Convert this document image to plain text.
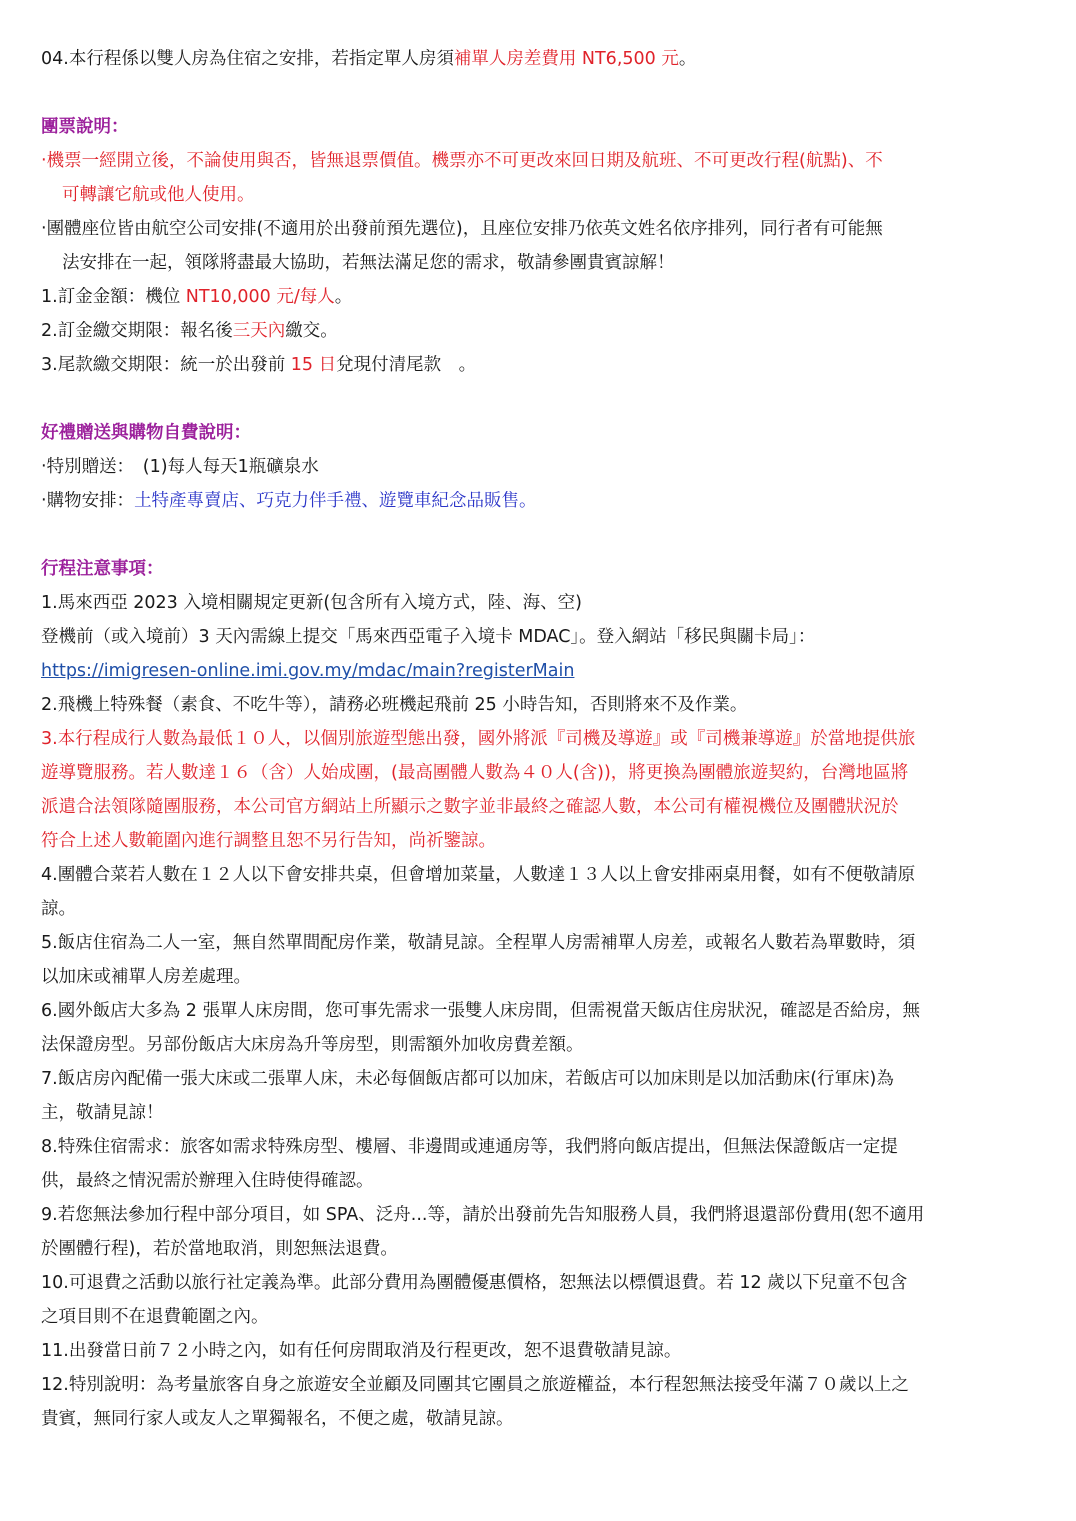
04.本行程係以雙人房為住宿之安排，若指定單人房須補單人房差費用 NT6,500 元。
團票說明：
‧機票一經開立後，不論使用與否，皆無退票價值。機票亦不可更改來回日期及航班、不可更改行程(航點)、不
可轉讓它航或他人使用。
‧團體座位皆由航空公司安排(不適用於出發前預先選位)，且座位安排乃依英文姓名依序排列，同行者有可能無
法安排在一起，領隊將盡最大協助，若無法滿足您的需求，敬請參團貴賓諒解！
1.訂金金額：機位 NT10,000 元/每人。
2.訂金繳交期限：報名後三天內繳交。
3.尾款繳交期限：統一於出發前 15 日兌現付清尾款　。
好禮贈送與購物自費說明：
‧特別贈送：　(1)每人每天1瓶礦泉水
‧購物安排：土特產專賣店、巧克力伴手禮、遊覽車紀念品販售。
行程注意事項：
1.馬來西亞 2023 入境相關規定更新(包含所有入境方式，陸、海、空)
登機前（或入境前）3 天內需線上提交「馬來西亞電子入境卡 MDAC」。登入網站「移民與關卡局」：
https://imigresen-online.imi.gov.my/mdac/main?registerMain
2.飛機上特殊餐（素食、不吃牛等），請務必班機起飛前 25 小時告知，否則將來不及作業。
3.本行程成行人數為最低１０人，以個別旅遊型態出發，國外將派『司機及導遊』或『司機兼導遊』於當地提供旅
遊導覽服務。若人數達１６（含）人始成團，(最高團體人數為４０人(含))，將更換為團體旅遊契約，台灣地區將
派遣合法領隊隨團服務，本公司官方網站上所顯示之數字並非最終之確認人數，本公司有權視機位及團體狀況於
符合上述人數範圍內進行調整且恕不另行告知，尚祈鑒諒。
4.團體合菜若人數在１２人以下會安排共桌，但會增加菜量，人數達１３人以上會安排兩桌用餐，如有不便敬請原
諒。
5.飯店住宿為二人一室，無自然單間配房作業，敬請見諒。全程單人房需補單人房差，或報名人數若為單數時，須
以加床或補單人房差處理。
6.國外飯店大多為 2 張單人床房間，您可事先需求一張雙人床房間，但需視當天飯店住房狀況，確認是否給房，無
法保證房型。另部份飯店大床房為升等房型，則需額外加收房費差額。
7.飯店房內配備一張大床或二張單人床，未必每個飯店都可以加床，若飯店可以加床則是以加活動床(行軍床)為
主，敬請見諒！
8.特殊住宿需求：旅客如需求特殊房型、樓層、非邊間或連通房等，我們將向飯店提出，但無法保證飯店一定提
供，最終之情況需於辦理入住時使得確認。
9.若您無法參加行程中部分項目，如 SPA、泛舟...等，請於出發前先告知服務人員，我們將退還部份費用(恕不適用
於團體行程)，若於當地取消，則恕無法退費。
10.可退費之活動以旅行社定義為準。此部分費用為團體優惠價格，恕無法以標價退費。若 12 歲以下兒童不包含
之項目則不在退費範圍之內。
11.出發當日前７２小時之內，如有任何房間取消及行程更改，恕不退費敬請見諒。
12.特別說明：為考量旅客自身之旅遊安全並顧及同團其它團員之旅遊權益，本行程恕無法接受年滿７０歲以上之
貴賓，無同行家人或友人之單獨報名，不便之處，敬請見諒。
